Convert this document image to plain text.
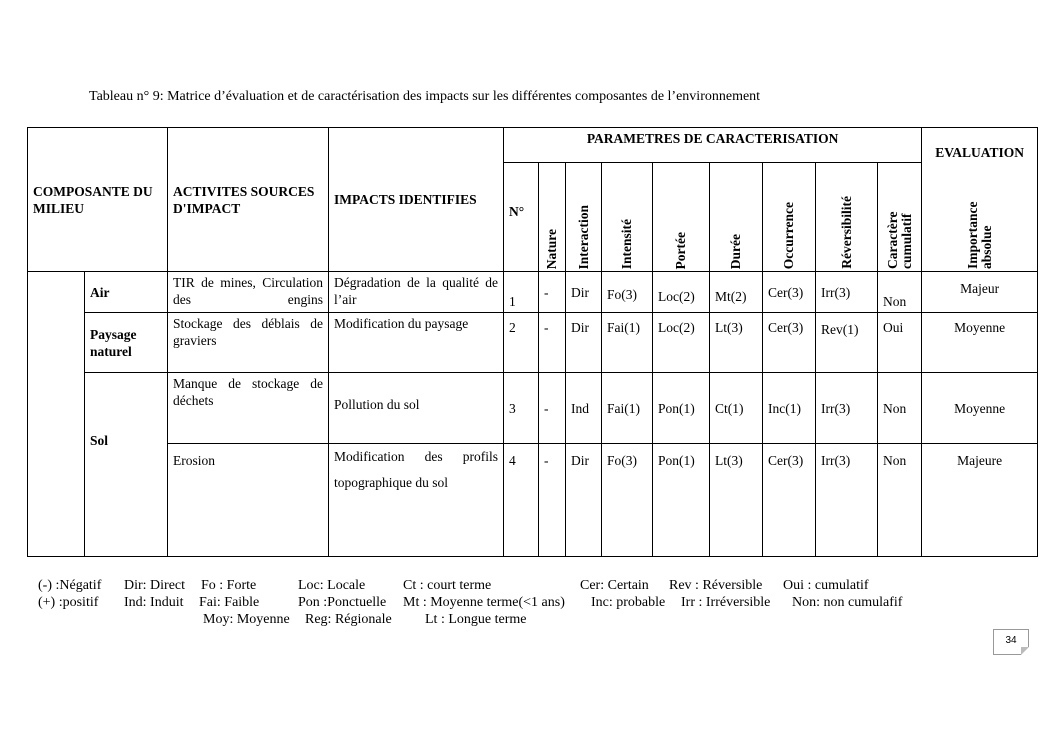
Tableau n° 9: Matrice d’évaluation et de caractérisation des impacts sur les différentes composantes de l’environnement
COMPOSANTE DU MILIEU		ACTIVITES SOURCES D'IMPACT	IMPACTS IDENTIFIES	PARAMETRES DE CARACTERISATION									EVALUATION
				N°	Nature	Interaction	Intensité	Portée	Durée	Occurrence	Réversibilité	Caractère cumulatif	Importance absolue

	Air	TIR de mines, Circulation des engins	Dégradation de la qualité de l’air	1	-	Dir	Fo(3)	Loc(2)	Mt(2)	Cer(3)	Irr(3)	Non	Majeur
	Paysage naturel	Stockage des déblais de graviers	Modification du paysage	2	-	Dir	Fai(1)	Loc(2)	Lt(3)	Cer(3)	Rev(1)	Oui	Moyenne
	Sol	Manque de stockage de déchets	Pollution du sol	3	-	Ind	Fai(1)	Pon(1)	Ct(1)	Inc(1)	Irr(3)	Non	Moyenne
		Erosion	Modification des profils topographique du sol	4	-	Dir	Fo(3)	Pon(1)	Lt(3)	Cer(3)	Irr(3)	Non	Majeure
(-) :Négatif Dir: Direct Fo : Forte	Loc: Locale	Ct : court terme	Cer: Certain Rev : Réversible Oui : cumulatif
(+) :positif Ind: Induit Fai: Faible	Pon :Ponctuelle Mt : Moyenne terme(<1 ans) Inc: probable Irr : Irréversible Non: non cumulafif
Moy: Moyenne Reg: Régionale Lt : Longue terme
34
